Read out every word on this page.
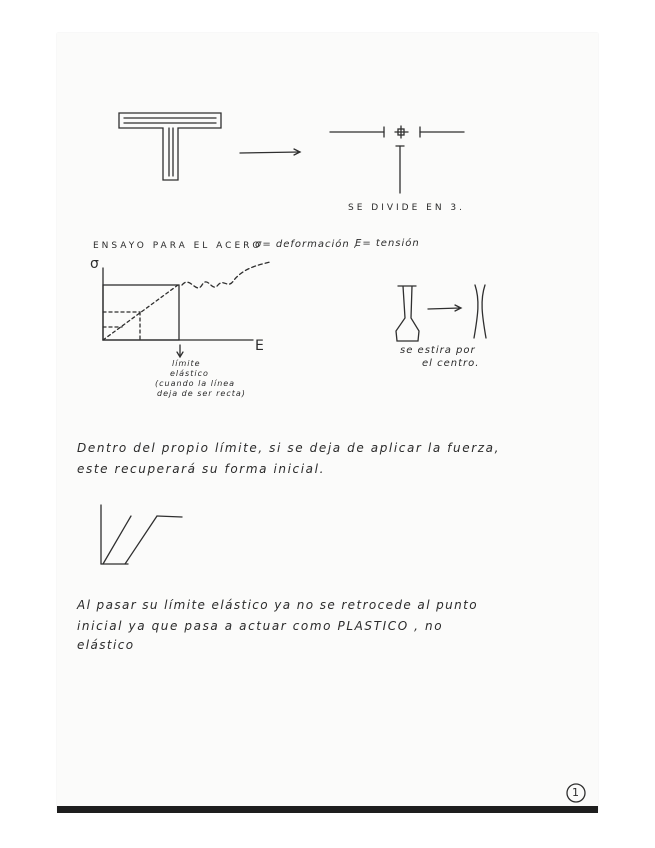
SE DIVIDE EN 3.
ENSAYO PARA EL ACERO
σ= deformación ,
E= tensión
σ
E
límite
elástico
(cuando la línea
deja de ser recta)
se estira por
el centro.
Dentro del propio límite, si se deja de aplicar la fuerza,
este recuperará su forma inicial.
Al pasar su límite elástico ya no se retrocede al punto
inicial ya que pasa a actuar como PLASTICO , no
elástico
1
